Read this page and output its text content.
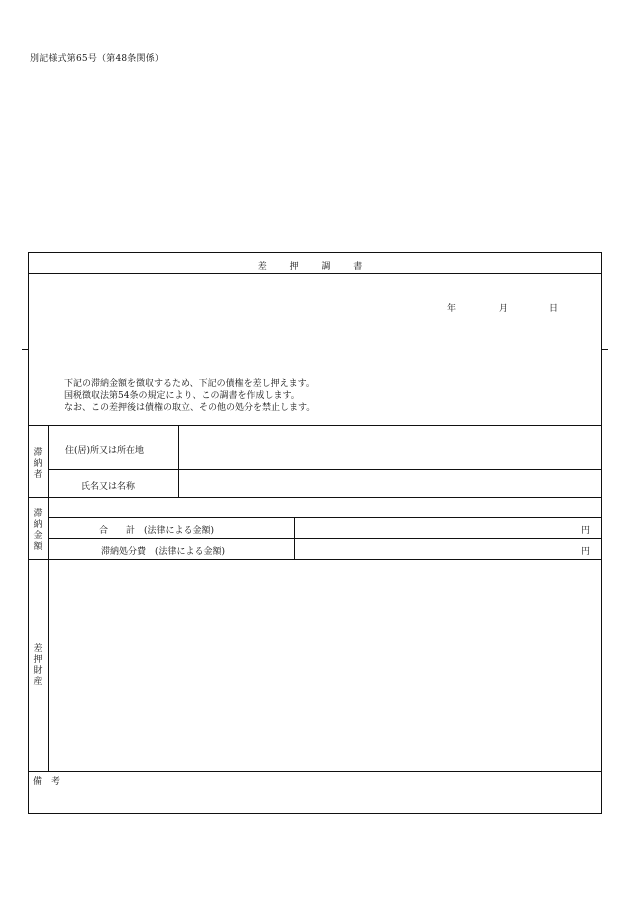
別記様式第65号（第48条関係）
差 押 調 書
年	月	日
下記の滞納金額を徴収するため、下記の債権を差し押えます。
国税徴収法第54条の規定により、この調書を作成します。
なお、この差押後は債権の取立、その他の処分を禁止します。
滞
納
者
住(居)所又は所在地
氏名又は名称
滞
納
金
額
合　　計　(法律による金額)	円
滞納処分費　(法律による金額)	円
差
押
財
産
備　考
